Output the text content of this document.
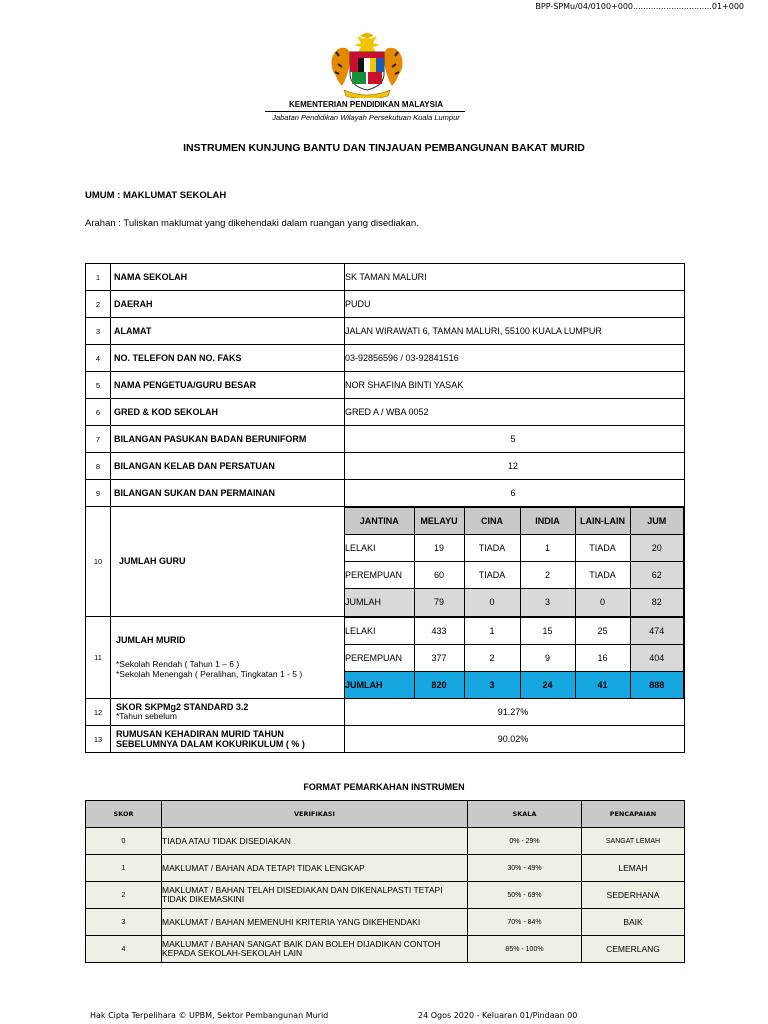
BPP-SPMu/04/0100+000...............................01+000
KEMENTERIAN PENDIDIKAN MALAYSIA
Jabatan Pendidikan Wilayah Persekutuan Kuala Lumpur
INSTRUMEN KUNJUNG BANTU DAN TINJAUAN PEMBANGUNAN BAKAT MURID
UMUM : MAKLUMAT SEKOLAH
Arahan : Tuliskan maklumat yang dikehendaki dalam ruangan yang disediakan.
1	NAMA SEKOLAH	SK TAMAN MALURI
2	DAERAH	PUDU
3	ALAMAT	JALAN WIRAWATI 6, TAMAN MALURI, 55100 KUALA LUMPUR
4	NO. TELEFON DAN NO. FAKS	03-92856596 / 03-92841516
5	NAMA PENGETUA/GURU BESAR	NOR SHAFINA BINTI YASAK
6	GRED & KOD SEKOLAH	GRED A / WBA 0052
7	BILANGAN PASUKAN BADAN BERUNIFORM	5
8	BILANGAN KELAB DAN PERSATUAN	12
9	BILANGAN SUKAN DAN PERMAINAN	6
10	JUMLAH GURU	
JANTINA	MELAYU	CINA	INDIA	LAIN-LAIN	JUM
LELAKI	19	TIADA	1	TIADA	20
PEREMPUAN	60	TIADA	2	TIADA	62
JUMLAH	79	0	3	0	82

11	
JUMLAH MURID
*Sekolah Rendah ( Tahun 1 – 6 )
*Sekolah Menengah ( Peralihan, Tingkatan 1 - 5 )

LELAKI	433	1	15	25	474
PEREMPUAN	377	2	9	16	404
JUMLAH	820	3	24	41	888

12	SKOR SKPMg2 STANDARD 3.2
*Tahun sebelum	91.27%
13	RUMUSAN KEHADIRAN MURID TAHUN SEBELUMNYA DALAM KOKURIKULUM ( % )	90.02%
FORMAT PEMARKAHAN INSTRUMEN
SKOR	VERIFIKASI	SKALA	PENCAPAIAN
0	TIADA ATAU TIDAK DISEDIAKAN	0% - 29%	SANGAT LEMAH
1	MAKLUMAT / BAHAN ADA TETAPI TIDAK LENGKAP	30% - 49%	LEMAH
2	MAKLUMAT / BAHAN TELAH DISEDIAKAN DAN DIKENALPASTI TETAPI TIDAK DIKEMASKINI	50% - 69%	SEDERHANA
3	MAKLUMAT / BAHAN MEMENUHI KRITERIA YANG DIKEHENDAKI	70% - 84%	BAIK
4	MAKLUMAT / BAHAN SANGAT BAIK DAN BOLEH DIJADIKAN CONTOH KEPADA SEKOLAH-SEKOLAH LAIN	85% - 100%	CEMERLANG
Hak Cipta Terpelihara © UPBM, Sektor Pembangunan Murid	24 Ogos 2020 - Keluaran 01/Pindaan 00
